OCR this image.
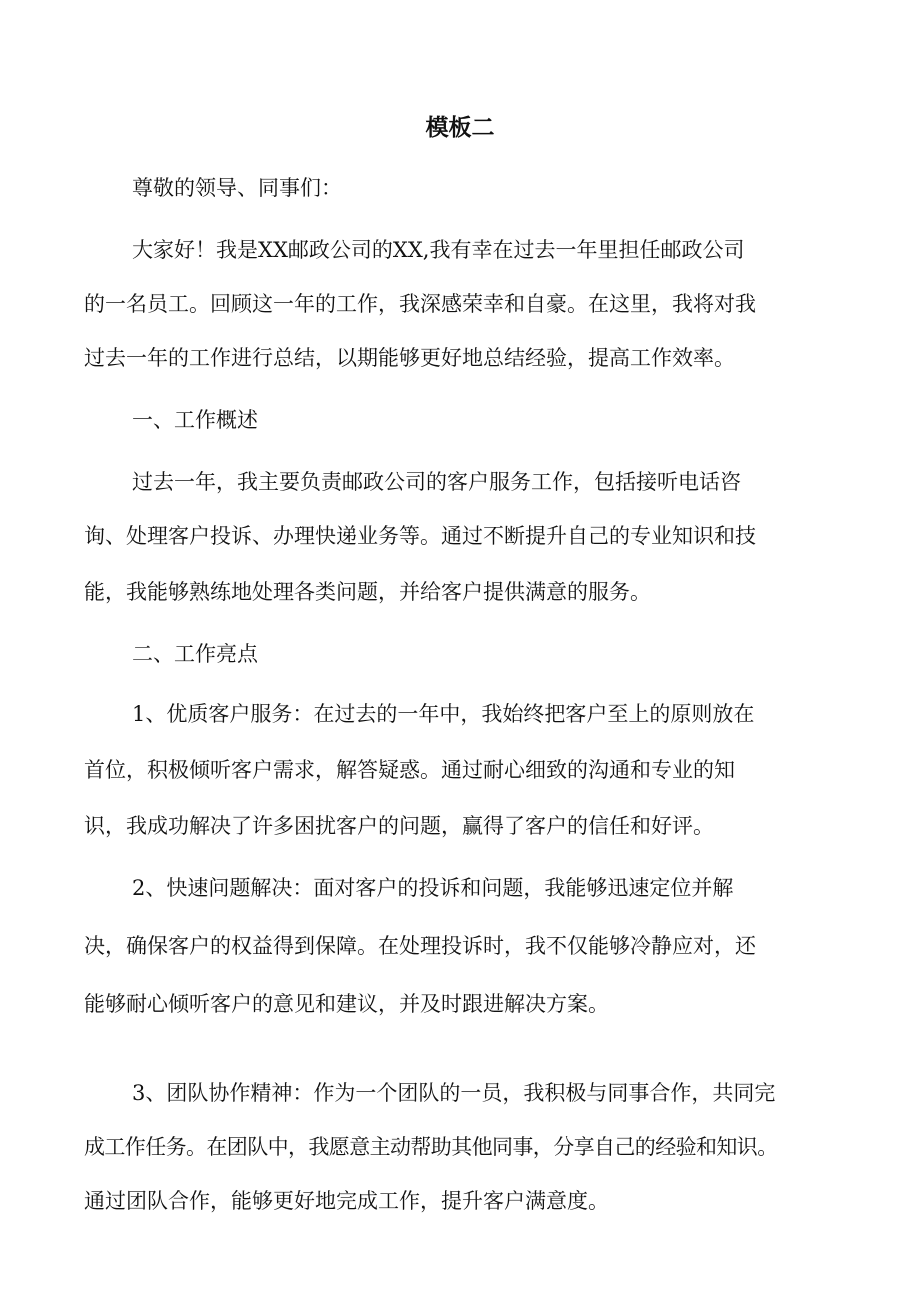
模板二
尊敬的领导、同事们：
大家好！我是XX邮政公司的XX,我有幸在过去一年里担任邮政公司
的一名员工。回顾这一年的工作，我深感荣幸和自豪。在这里，我将对我
过去一年的工作进行总结，以期能够更好地总结经验，提高工作效率。
一、工作概述
过去一年，我主要负责邮政公司的客户服务工作，包括接听电话咨
询、处理客户投诉、办理快递业务等。通过不断提升自己的专业知识和技
能，我能够熟练地处理各类问题，并给客户提供满意的服务。
二、工作亮点
1、优质客户服务：在过去的一年中，我始终把客户至上的原则放在
首位，积极倾听客户需求，解答疑惑。通过耐心细致的沟通和专业的知
识，我成功解决了许多困扰客户的问题，赢得了客户的信任和好评。
2、快速问题解决：面对客户的投诉和问题，我能够迅速定位并解
决，确保客户的权益得到保障。在处理投诉时，我不仅能够冷静应对，还
能够耐心倾听客户的意见和建议，并及时跟进解决方案。
3、团队协作精神：作为一个团队的一员，我积极与同事合作，共同完
成工作任务。在团队中，我愿意主动帮助其他同事，分享自己的经验和知识。
通过团队合作，能够更好地完成工作，提升客户满意度。
